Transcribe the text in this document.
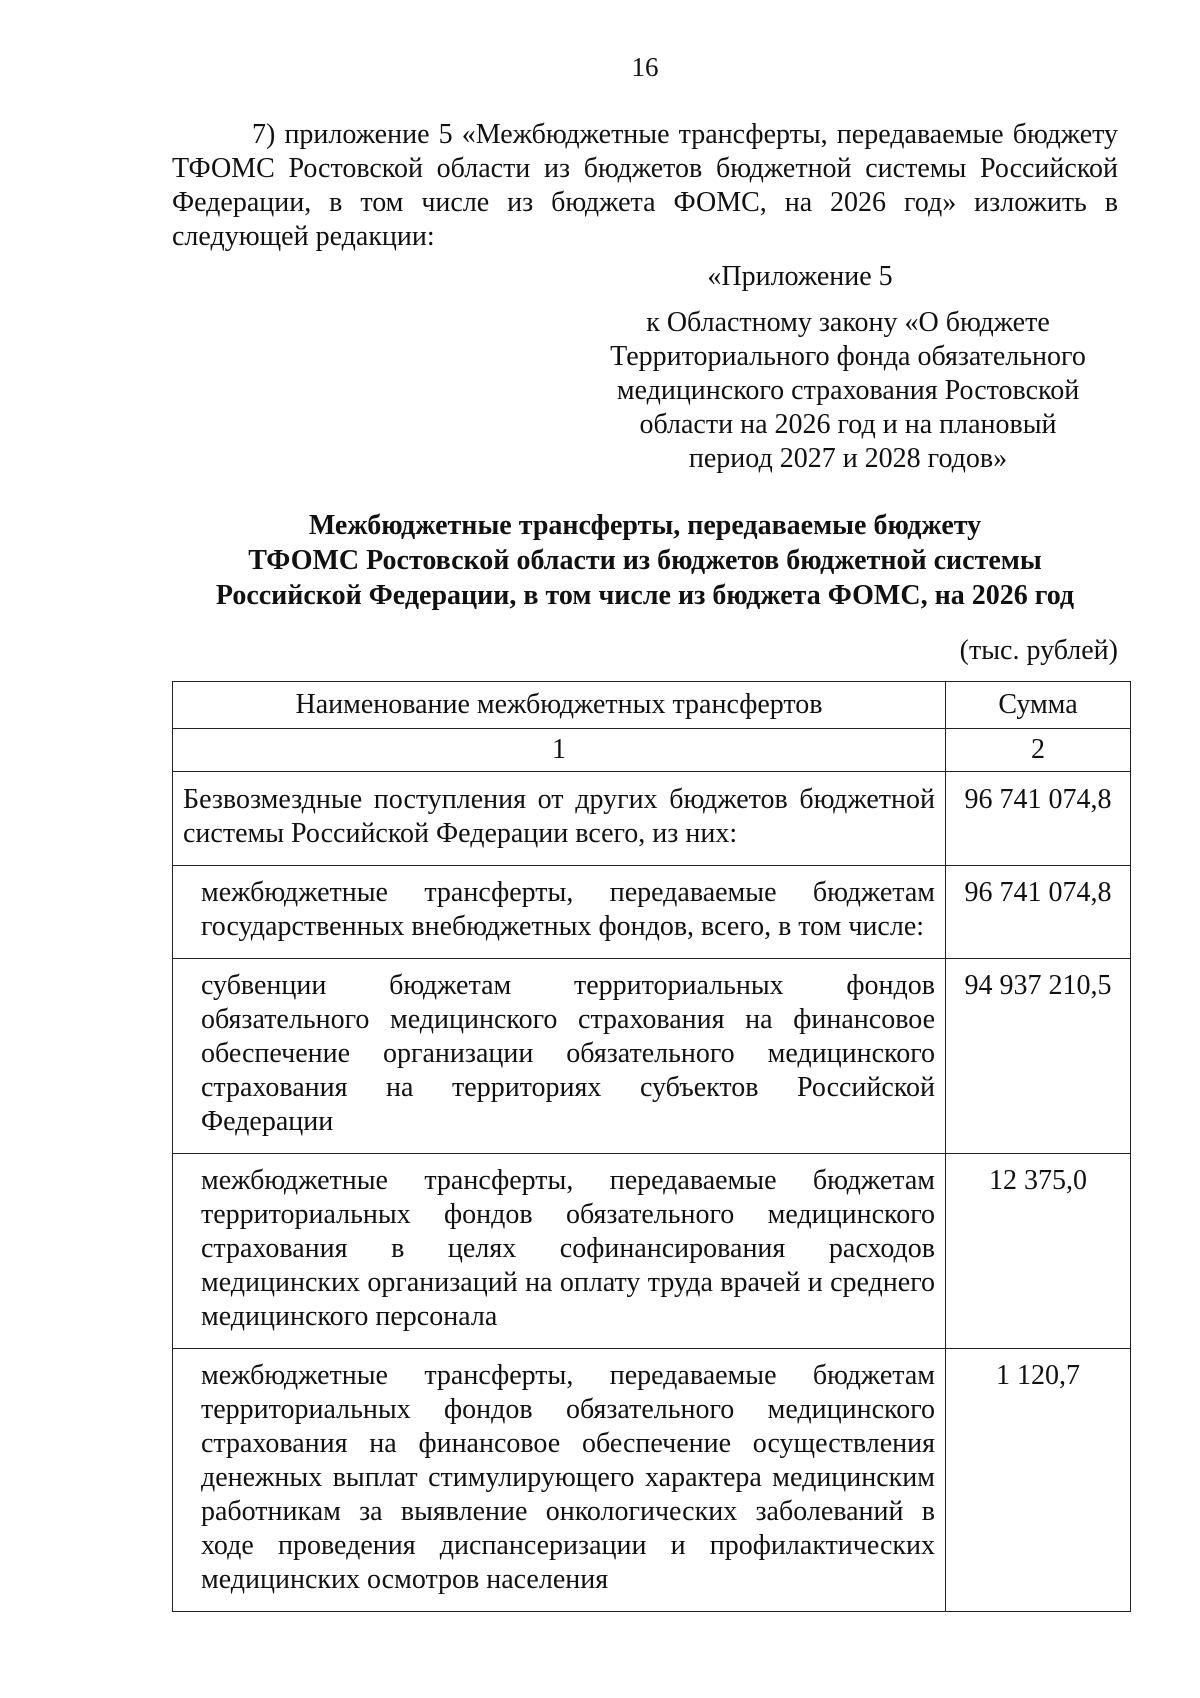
16

7) приложение 5 «Межбюджетные трансферты, передаваемые бюджету ТФОМС Ростовской области из бюджетов бюджетной системы Российской Федерации, в том числе из бюджета ФОМС, на 2026 год» изложить в следующей редакции:

«Приложение 5
к Областному закону «О бюджете
Территориального фонда обязательного
медицинского страхования Ростовской
области на 2026 год и на плановый
период 2027 и 2028 годов»
Межбюджетные трансферты, передаваемые бюджету
ТФОМС Ростовской области из бюджетов бюджетной системы
Российской Федерации, в том числе из бюджета ФОМС, на 2026 год
(тыс. рублей)
Наименование межбюджетных трансфертов	Сумма
1	2
Безвозмездные поступления от других бюджетов бюджетной системы Российской Федерации всего, из них:	96 741 074,8
межбюджетные трансферты, передаваемые бюджетам государственных внебюджетных фондов, всего, в том числе:	96 741 074,8
субвенции бюджетам территориальных фондов обязательного медицинского страхования на финансовое обеспечение организации обязательного медицинского страхования на территориях субъектов Российской Федерации	94 937 210,5
межбюджетные трансферты, передаваемые бюджетам территориальных фондов обязательного медицинского страхования в целях софинансирования расходов медицинских организаций на оплату труда врачей и среднего медицинского персонала	12 375,0
межбюджетные трансферты, передаваемые бюджетам территориальных фондов обязательного медицинского страхования на финансовое обеспечение осуществления денежных выплат стимулирующего характера медицинским работникам за выявление онкологических заболеваний в ходе проведения диспансеризации и профилактических медицинских осмотров населения	1 120,7
